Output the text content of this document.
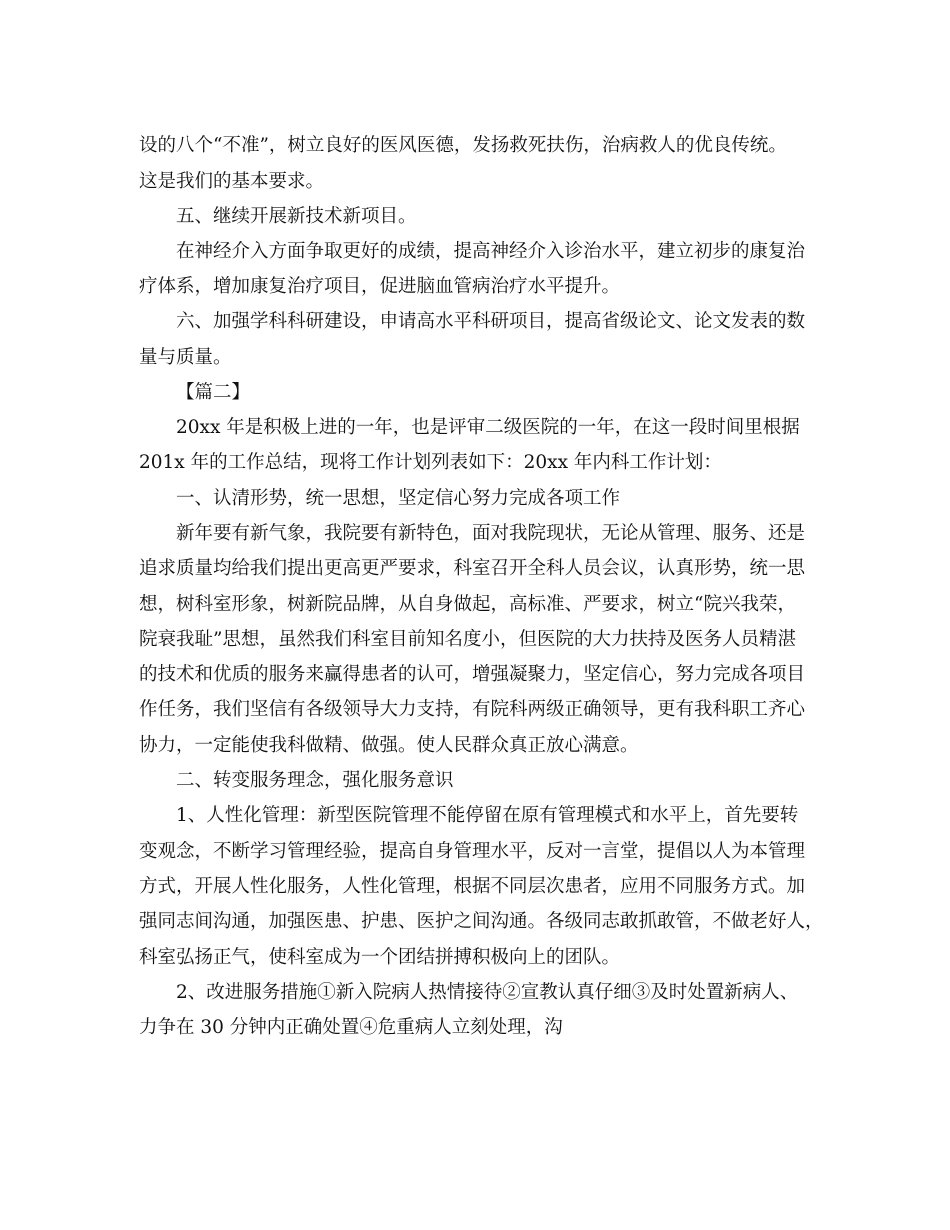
设的八个“不准”，树立良好的医风医德，发扬救死扶伤，治病救人的优良传统。
这是我们的基本要求。
五、继续开展新技术新项目。
在神经介入方面争取更好的成绩，提高神经介入诊治水平，建立初步的康复治
疗体系，增加康复治疗项目，促进脑血管病治疗水平提升。
六、加强学科科研建设，申请高水平科研项目，提高省级论文、论文发表的数
量与质量。
【篇二】
20xx 年是积极上进的一年，也是评审二级医院的一年，在这一段时间里根据
201x 年的工作总结，现将工作计划列表如下：20xx 年内科工作计划：
一、认清形势，统一思想，坚定信心努力完成各项工作
新年要有新气象，我院要有新特色，面对我院现状，无论从管理、服务、还是
追求质量均给我们提出更高更严要求，科室召开全科人员会议，认真形势，统一思
想，树科室形象，树新院品牌，从自身做起，高标准、严要求，树立“院兴我荣，
院衰我耻”思想，虽然我们科室目前知名度小，但医院的大力扶持及医务人员精湛
的技术和优质的服务来赢得患者的认可，增强凝聚力，坚定信心，努力完成各项目
作任务，我们坚信有各级领导大力支持，有院科两级正确领导，更有我科职工齐心
协力，一定能使我科做精、做强。使人民群众真正放心满意。
二、转变服务理念，强化服务意识
1、人性化管理：新型医院管理不能停留在原有管理模式和水平上，首先要转
变观念，不断学习管理经验，提高自身管理水平，反对一言堂，提倡以人为本管理
方式，开展人性化服务，人性化管理，根据不同层次患者，应用不同服务方式。加
强同志间沟通，加强医患、护患、医护之间沟通。各级同志敢抓敢管，不做老好人，
科室弘扬正气，使科室成为一个团结拼搏积极向上的团队。
2、改进服务措施①新入院病人热情接待②宣教认真仔细③及时处置新病人、
力争在 30 分钟内正确处置④危重病人立刻处理，沟
